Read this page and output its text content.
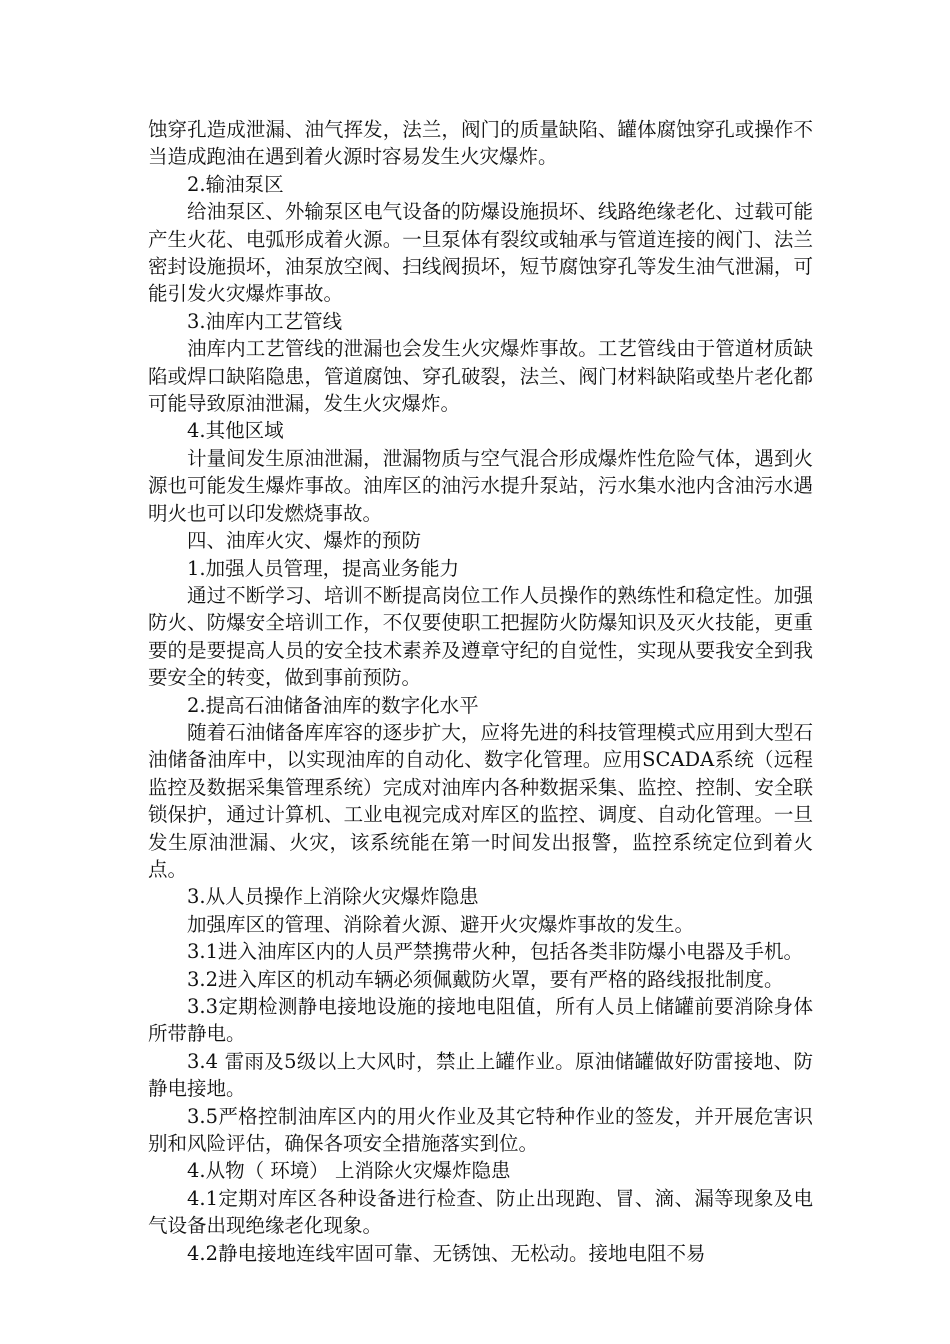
蚀穿孔造成泄漏、油气挥发，法兰，阀门的质量缺陷、罐体腐蚀穿孔或操作不当造成跑油在遇到着火源时容易发生火灾爆炸。

2.输油泵区

给油泵区、外输泵区电气设备的防爆设施损坏、线路绝缘老化、过载可能产生火花、电弧形成着火源。一旦泵体有裂纹或轴承与管道连接的阀门、法兰密封设施损坏，油泵放空阀、扫线阀损坏，短节腐蚀穿孔等发生油气泄漏，可能引发火灾爆炸事故。

3.油库内工艺管线

油库内工艺管线的泄漏也会发生火灾爆炸事故。工艺管线由于管道材质缺陷或焊口缺陷隐患，管道腐蚀、穿孔破裂，法兰、阀门材料缺陷或垫片老化都可能导致原油泄漏，发生火灾爆炸。

4.其他区域

计量间发生原油泄漏，泄漏物质与空气混合形成爆炸性危险气体，遇到火源也可能发生爆炸事故。油库区的油污水提升泵站，污水集水池内含油污水遇明火也可以印发燃烧事故。

四、油库火灾、爆炸的预防

1.加强人员管理，提高业务能力

通过不断学习、培训不断提高岗位工作人员操作的熟练性和稳定性。加强防火、防爆安全培训工作，不仅要使职工把握防火防爆知识及灭火技能，更重要的是要提高人员的安全技术素养及遵章守纪的自觉性，实现从要我安全到我要安全的转变，做到事前预防。

2.提高石油储备油库的数字化水平

随着石油储备库库容的逐步扩大，应将先进的科技管理模式应用到大型石油储备油库中，以实现油库的自动化、数字化管理。应用SCADA系统（远程监控及数据采集管理系统）完成对油库内各种数据采集、监控、控制、安全联锁保护，通过计算机、工业电视完成对库区的监控、调度、自动化管理。一旦发生原油泄漏、火灾，该系统能在第一时间发出报警，监控系统定位到着火点。

3.从人员操作上消除火灾爆炸隐患

加强库区的管理、消除着火源、避开火灾爆炸事故的发生。

3.1进入油库区内的人员严禁携带火种，包括各类非防爆小电器及手机。

3.2进入库区的机动车辆必须佩戴防火罩，要有严格的路线报批制度。

3.3定期检测静电接地设施的接地电阻值，所有人员上储罐前要消除身体所带静电。

3.4 雷雨及5级以上大风时，禁止上罐作业。原油储罐做好防雷接地、防静电接地。

3.5严格控制油库区内的用火作业及其它特种作业的签发，并开展危害识别和风险评估，确保各项安全措施落实到位。

4.从物（ 环境） 上消除火灾爆炸隐患

4.1定期对库区各种设备进行检查、防止出现跑、冒、滴、漏等现象及电气设备出现绝缘老化现象。

4.2静电接地连线牢固可靠、无锈蚀、无松动。接地电阻不易
